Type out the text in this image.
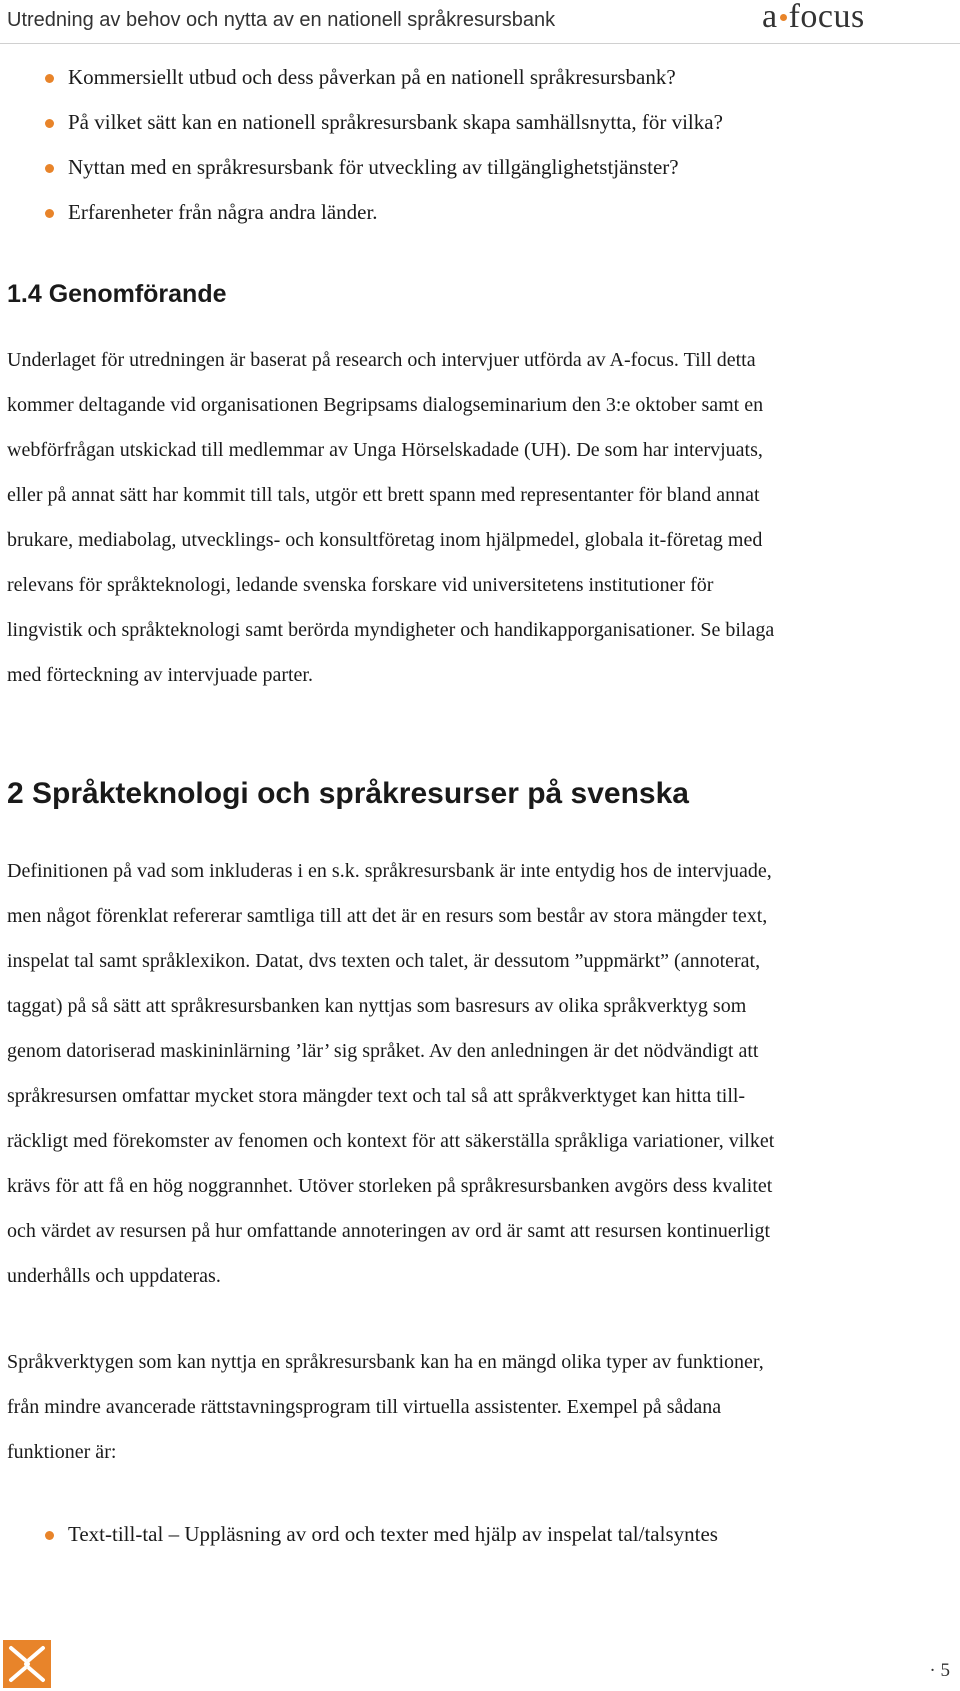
Utredning av behov och nytta av en nationell språkresursbank	a focus
Kommersiellt utbud och dess påverkan på en nationell språkresursbank?
På vilket sätt kan en nationell språkresursbank skapa samhällsnytta, för vilka?
Nyttan med en språkresursbank för utveckling av tillgänglighetstjänster?
Erfarenheter från några andra länder.
1.4 Genomförande
Underlaget för utredningen är baserat på research och intervjuer utförda av A-focus. Till detta
kommer deltagande vid organisationen Begripsams dialogseminarium den 3:e oktober samt en
webförfrågan utskickad till medlemmar av Unga Hörselskadade (UH). De som har intervjuats,
eller på annat sätt har kommit till tals, utgör ett brett spann med representanter för bland annat
brukare, mediabolag, utvecklings- och konsultföretag inom hjälpmedel, globala it-företag med
relevans för språkteknologi, ledande svenska forskare vid universitetens institutioner för
lingvistik och språkteknologi samt berörda myndigheter och handikapporganisationer. Se bilaga
med förteckning av intervjuade parter.
2 Språkteknologi och språkresurser på svenska
Definitionen på vad som inkluderas i en s.k. språkresursbank är inte entydig hos de intervjuade,
men något förenklat refererar samtliga till att det är en resurs som består av stora mängder text,
inspelat tal samt språklexikon. Datat, dvs texten och talet, är dessutom ”uppmärkt” (annoterat,
taggat) på så sätt att språkresursbanken kan nyttjas som basresurs av olika språkverktyg som
genom datoriserad maskininlärning ’lär’ sig språket. Av den anledningen är det nödvändigt att
språkresursen omfattar mycket stora mängder text och tal så att språkverktyget kan hitta till-
räckligt med förekomster av fenomen och kontext för att säkerställa språkliga variationer, vilket
krävs för att få en hög noggrannhet. Utöver storleken på språkresursbanken avgörs dess kvalitet
och värdet av resursen på hur omfattande annoteringen av ord är samt att resursen kontinuerligt
underhålls och uppdateras.
Språkverktygen som kan nyttja en språkresursbank kan ha en mängd olika typer av funktioner,
från mindre avancerade rättstavningsprogram till virtuella assistenter. Exempel på sådana
funktioner är:
Text-till-tal – Uppläsning av ord och texter med hjälp av inspelat tal/talsyntes
· 5
